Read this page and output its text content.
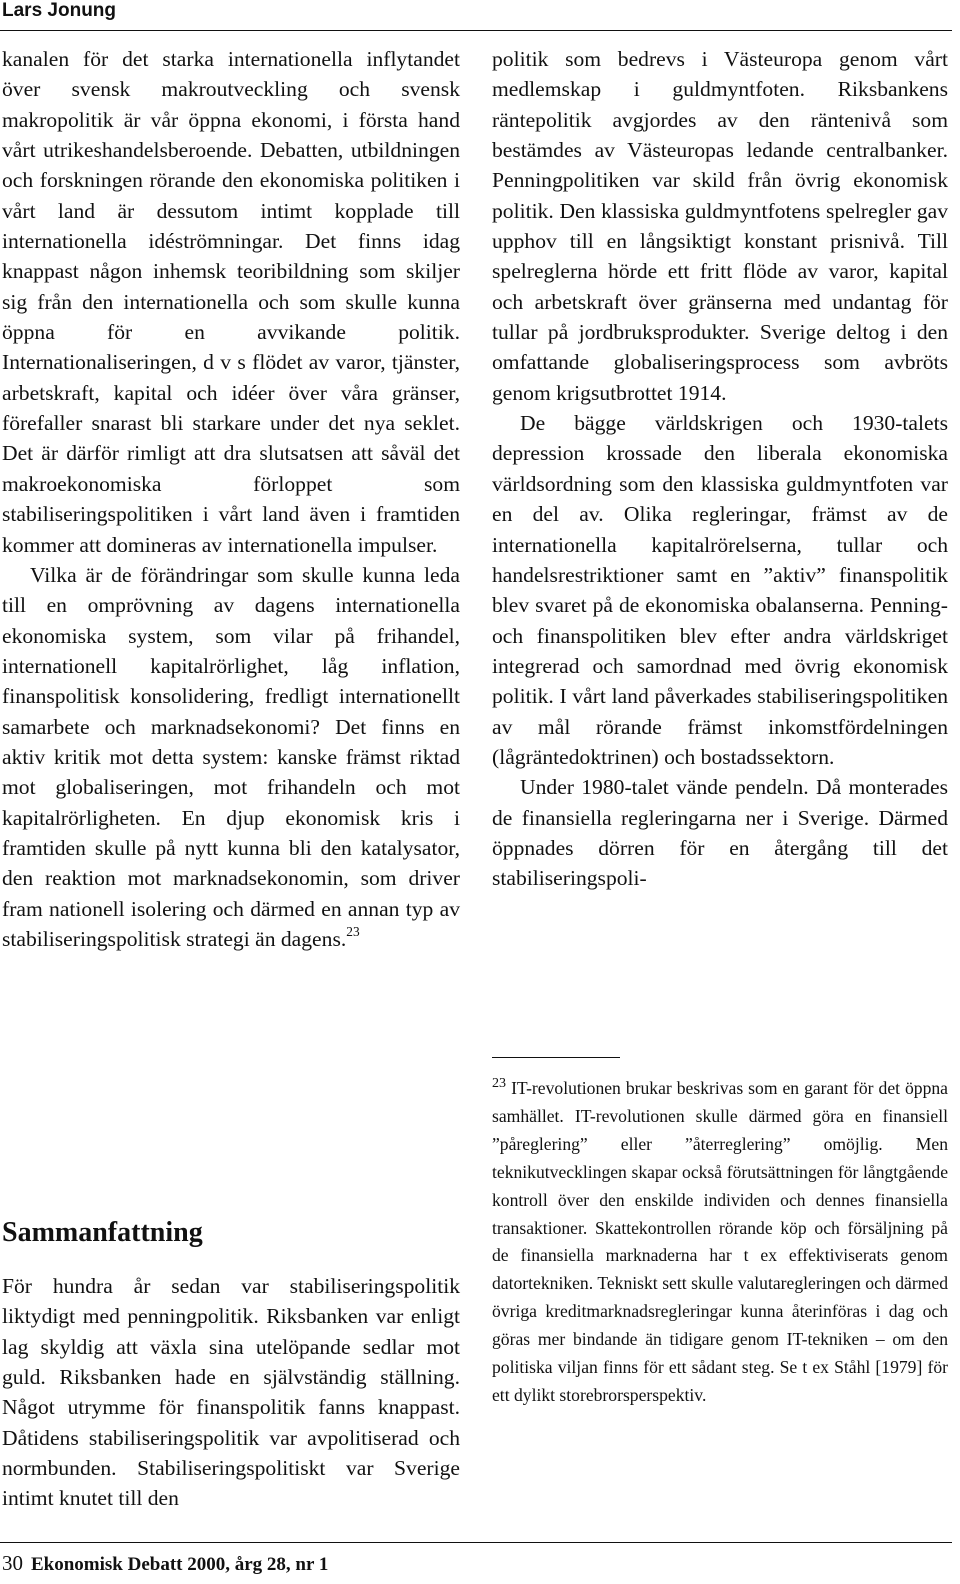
Lars Jonung

kanalen för det starka internationella inflytandet över svensk makroutveckling och svensk makropolitik är vår öppna ekonomi, i första hand vårt utrikeshandelsberoende. Debatten, utbildningen och forskningen rörande den ekonomiska politiken i vårt land är dessutom intimt kopplade till internationella idéströmningar. Det finns idag knappast någon inhemsk teoribildning som skiljer sig från den internationella och som skulle kunna öppna för en avvikande politik. Internationaliseringen, d v s flödet av varor, tjänster, arbetskraft, kapital och idéer över våra gränser, förefaller snarast bli starkare under det nya seklet. Det är därför rimligt att dra slutsatsen att såväl det makroekonomiska förloppet som stabiliseringspolitiken i vårt land även i framtiden kommer att domineras av internationella impulser.

Vilka är de förändringar som skulle kunna leda till en omprövning av dagens internationella ekonomiska system, som vilar på frihandel, internationell kapitalrörlighet, låg inflation, finanspolitisk konsolidering, fredligt internationellt samarbete och marknadsekonomi? Det finns en aktiv kritik mot detta system: kanske främst riktad mot globaliseringen, mot frihandeln och mot kapitalrörligheten. En djup ekonomisk kris i framtiden skulle på nytt kunna bli den katalysator, den reaktion mot marknadsekonomin, som driver fram nationell isolering och därmed en annan typ av stabiliseringspolitisk strategi än dagens.$^{23}$

Sammanfattning

För hundra år sedan var stabiliseringspolitik liktydigt med penningpolitik. Riksbanken var enligt lag skyldig att växla sina utelöpande sedlar mot guld. Riksbanken hade en självständig ställning. Något utrymme för finanspolitik fanns knappast. Dåtidens stabiliseringspolitik var avpolitiserad och normbunden. Stabiliseringspolitiskt var Sverige intimt knutet till den

politik som bedrevs i Västeuropa genom vårt medlemskap i guldmyntfoten. Riksbankens räntepolitik avgjordes av den räntenivå som bestämdes av Västeuropas ledande centralbanker. Penningpolitiken var skild från övrig ekonomisk politik. Den klassiska guldmyntfotens spelregler gav upphov till en långsiktigt konstant prisnivå. Till spelreglerna hörde ett fritt flöde av varor, kapital och arbetskraft över gränserna med undantag för tullar på jordbruksprodukter. Sverige deltog i den omfattande globaliseringsprocess som avbröts genom krigsutbrottet 1914.

De bägge världskrigen och 1930-talets depression krossade den liberala ekonomiska världsordning som den klassiska guldmyntfoten var en del av. Olika regleringar, främst av de internationella kapitalrörelserna, tullar och handelsrestriktioner samt en ”aktiv” finanspolitik blev svaret på de ekonomiska obalanserna. Penning- och finanspolitiken blev efter andra världskriget integrerad och samordnad med övrig ekonomisk politik. I vårt land påverkades stabiliseringspolitiken av mål rörande främst inkomstfördelningen (lågräntedoktrinen) och bostadssektorn.

Under 1980-talet vände pendeln. Då monterades de finansiella regleringarna ner i Sverige. Därmed öppnades dörren för en återgång till det stabiliseringspoli-

$^{23}$ IT-revolutionen brukar beskrivas som en garant för det öppna samhället. IT-revolutionen skulle därmed göra en finansiell ”påreglering” eller ”återreglering” omöjlig. Men teknikutvecklingen skapar också förutsättningen för långtgående kontroll över den enskilde individen och dennes finansiella transaktioner. Skattekontrollen rörande köp och försäljning på de finansiella marknaderna har t ex effektiviserats genom datortekniken. Tekniskt sett skulle valutaregleringen och därmed övriga kreditmarknadsregleringar kunna återinföras i dag och göras mer bindande än tidigare genom IT-tekniken – om den politiska viljan finns för ett sådant steg. Se t ex Ståhl [1979] för ett dylikt storebrorsperspektiv.

30 Ekonomisk Debatt 2000, årg 28, nr 1
